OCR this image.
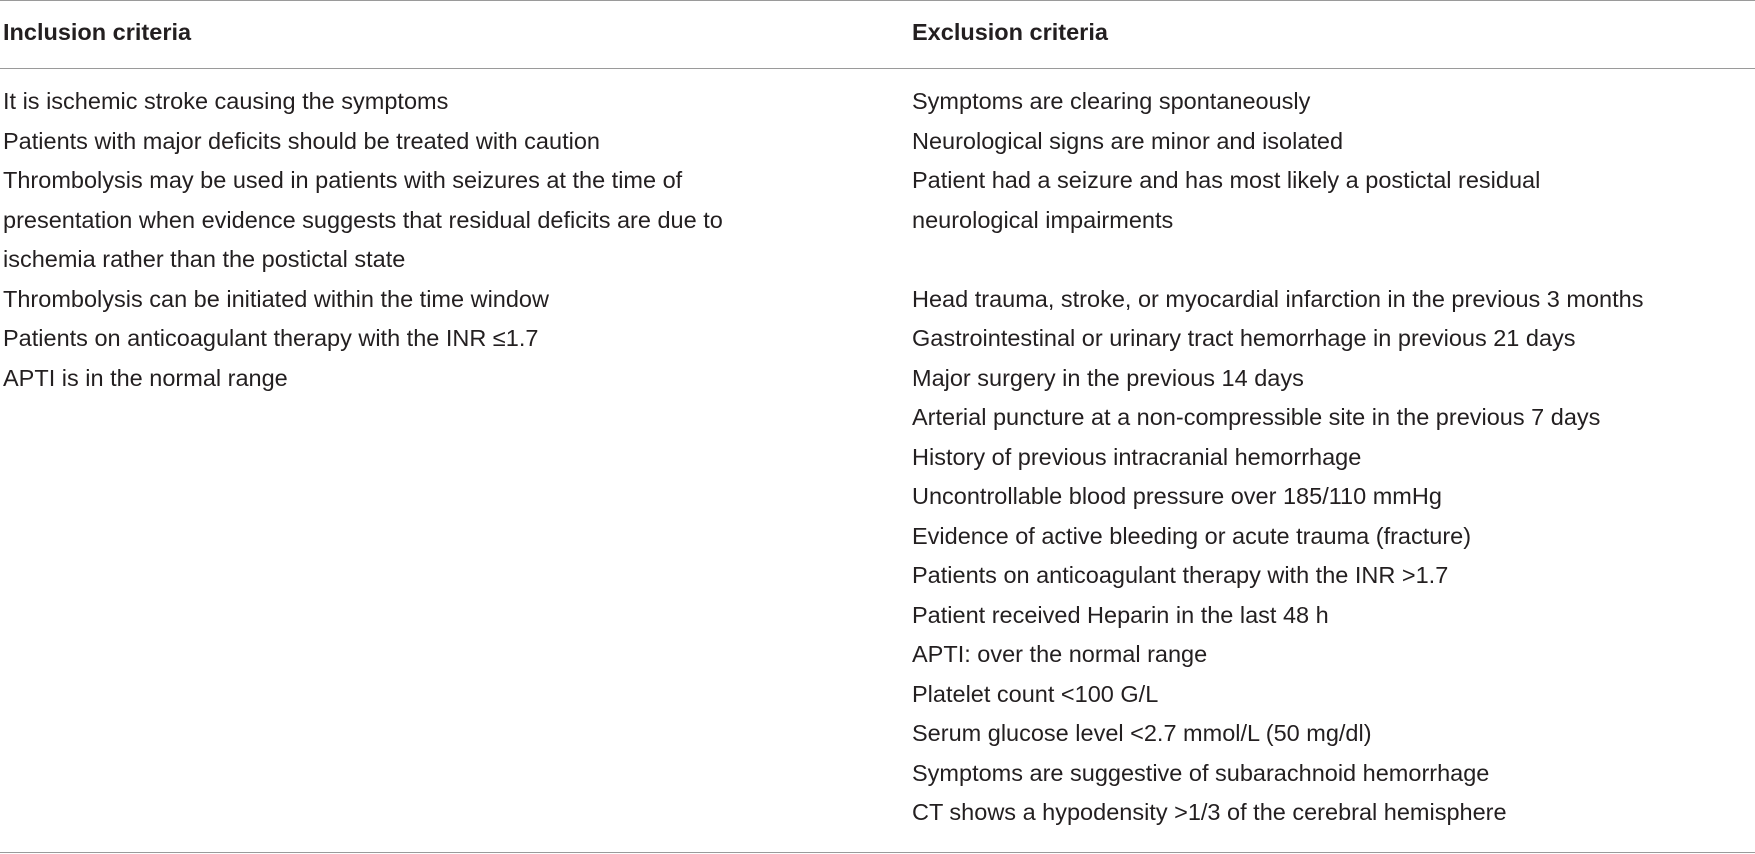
Inclusion criteria	Exclusion criteria
It is ischemic stroke causing the symptoms
Patients with major deficits should be treated with caution
Thrombolysis may be used in patients with seizures at the time of
presentation when evidence suggests that residual deficits are due to
ischemia rather than the postictal state
Thrombolysis can be initiated within the time window
Patients on anticoagulant therapy with the INR ≤1.7
APTI is in the normal range
Symptoms are clearing spontaneously
Neurological signs are minor and isolated
Patient had a seizure and has most likely a postictal residual
neurological impairments

Head trauma, stroke, or myocardial infarction in the previous 3 months
Gastrointestinal or urinary tract hemorrhage in previous 21 days
Major surgery in the previous 14 days
Arterial puncture at a non-compressible site in the previous 7 days
History of previous intracranial hemorrhage
Uncontrollable blood pressure over 185/110 mmHg
Evidence of active bleeding or acute trauma (fracture)
Patients on anticoagulant therapy with the INR >1.7
Patient received Heparin in the last 48 h
APTI: over the normal range
Platelet count <100 G/L
Serum glucose level <2.7 mmol/L (50 mg/dl)
Symptoms are suggestive of subarachnoid hemorrhage
CT shows a hypodensity >1/3 of the cerebral hemisphere
